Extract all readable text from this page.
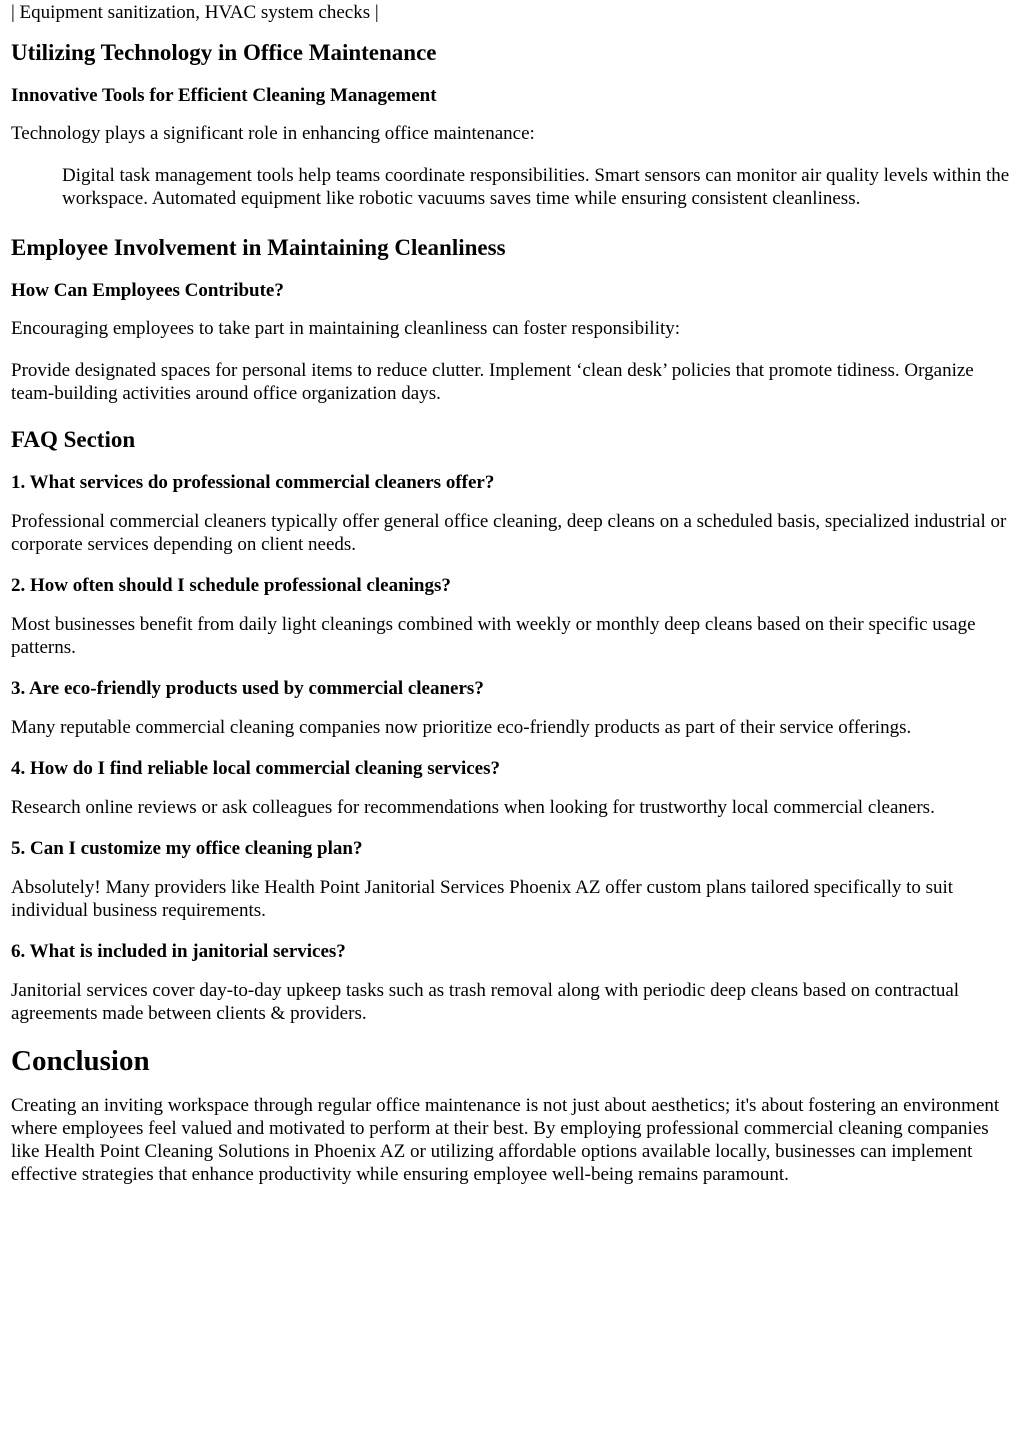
| Equipment sanitization, HVAC system checks |

Utilizing Technology in Office Maintenance
Innovative Tools for Efficient Cleaning Management

Technology plays a significant role in enhancing office maintenance:

Digital task management tools help teams coordinate responsibilities. Smart sensors can monitor air quality levels within the workspace. Automated equipment like robotic vacuums saves time while ensuring consistent cleanliness.

Employee Involvement in Maintaining Cleanliness
How Can Employees Contribute?

Encouraging employees to take part in maintaining cleanliness can foster responsibility:

Provide designated spaces for personal items to reduce clutter. Implement ‘clean desk’ policies that promote tidiness. Organize team-building activities around office organization days.

FAQ Section
1. What services do professional commercial cleaners offer?

Professional commercial cleaners typically offer general office cleaning, deep cleans on a scheduled basis, specialized industrial or corporate services depending on client needs.

2. How often should I schedule professional cleanings?

Most businesses benefit from daily light cleanings combined with weekly or monthly deep cleans based on their specific usage patterns.

3. Are eco-friendly products used by commercial cleaners?

Many reputable commercial cleaning companies now prioritize eco-friendly products as part of their service offerings.

4. How do I find reliable local commercial cleaning services?

Research online reviews or ask colleagues for recommendations when looking for trustworthy local commercial cleaners.

5. Can I customize my office cleaning plan?

Absolutely! Many providers like Health Point Janitorial Services Phoenix AZ offer custom plans tailored specifically to suit individual business requirements.

6. What is included in janitorial services?

Janitorial services cover day-to-day upkeep tasks such as trash removal along with periodic deep cleans based on contractual agreements made between clients & providers.

Conclusion

Creating an inviting workspace through regular office maintenance is not just about aesthetics; it's about fostering an environment where employees feel valued and motivated to perform at their best. By employing professional commercial cleaning companies like Health Point Cleaning Solutions in Phoenix AZ or utilizing affordable options available locally, businesses can implement effective strategies that enhance productivity while ensuring employee well-being remains paramount.
